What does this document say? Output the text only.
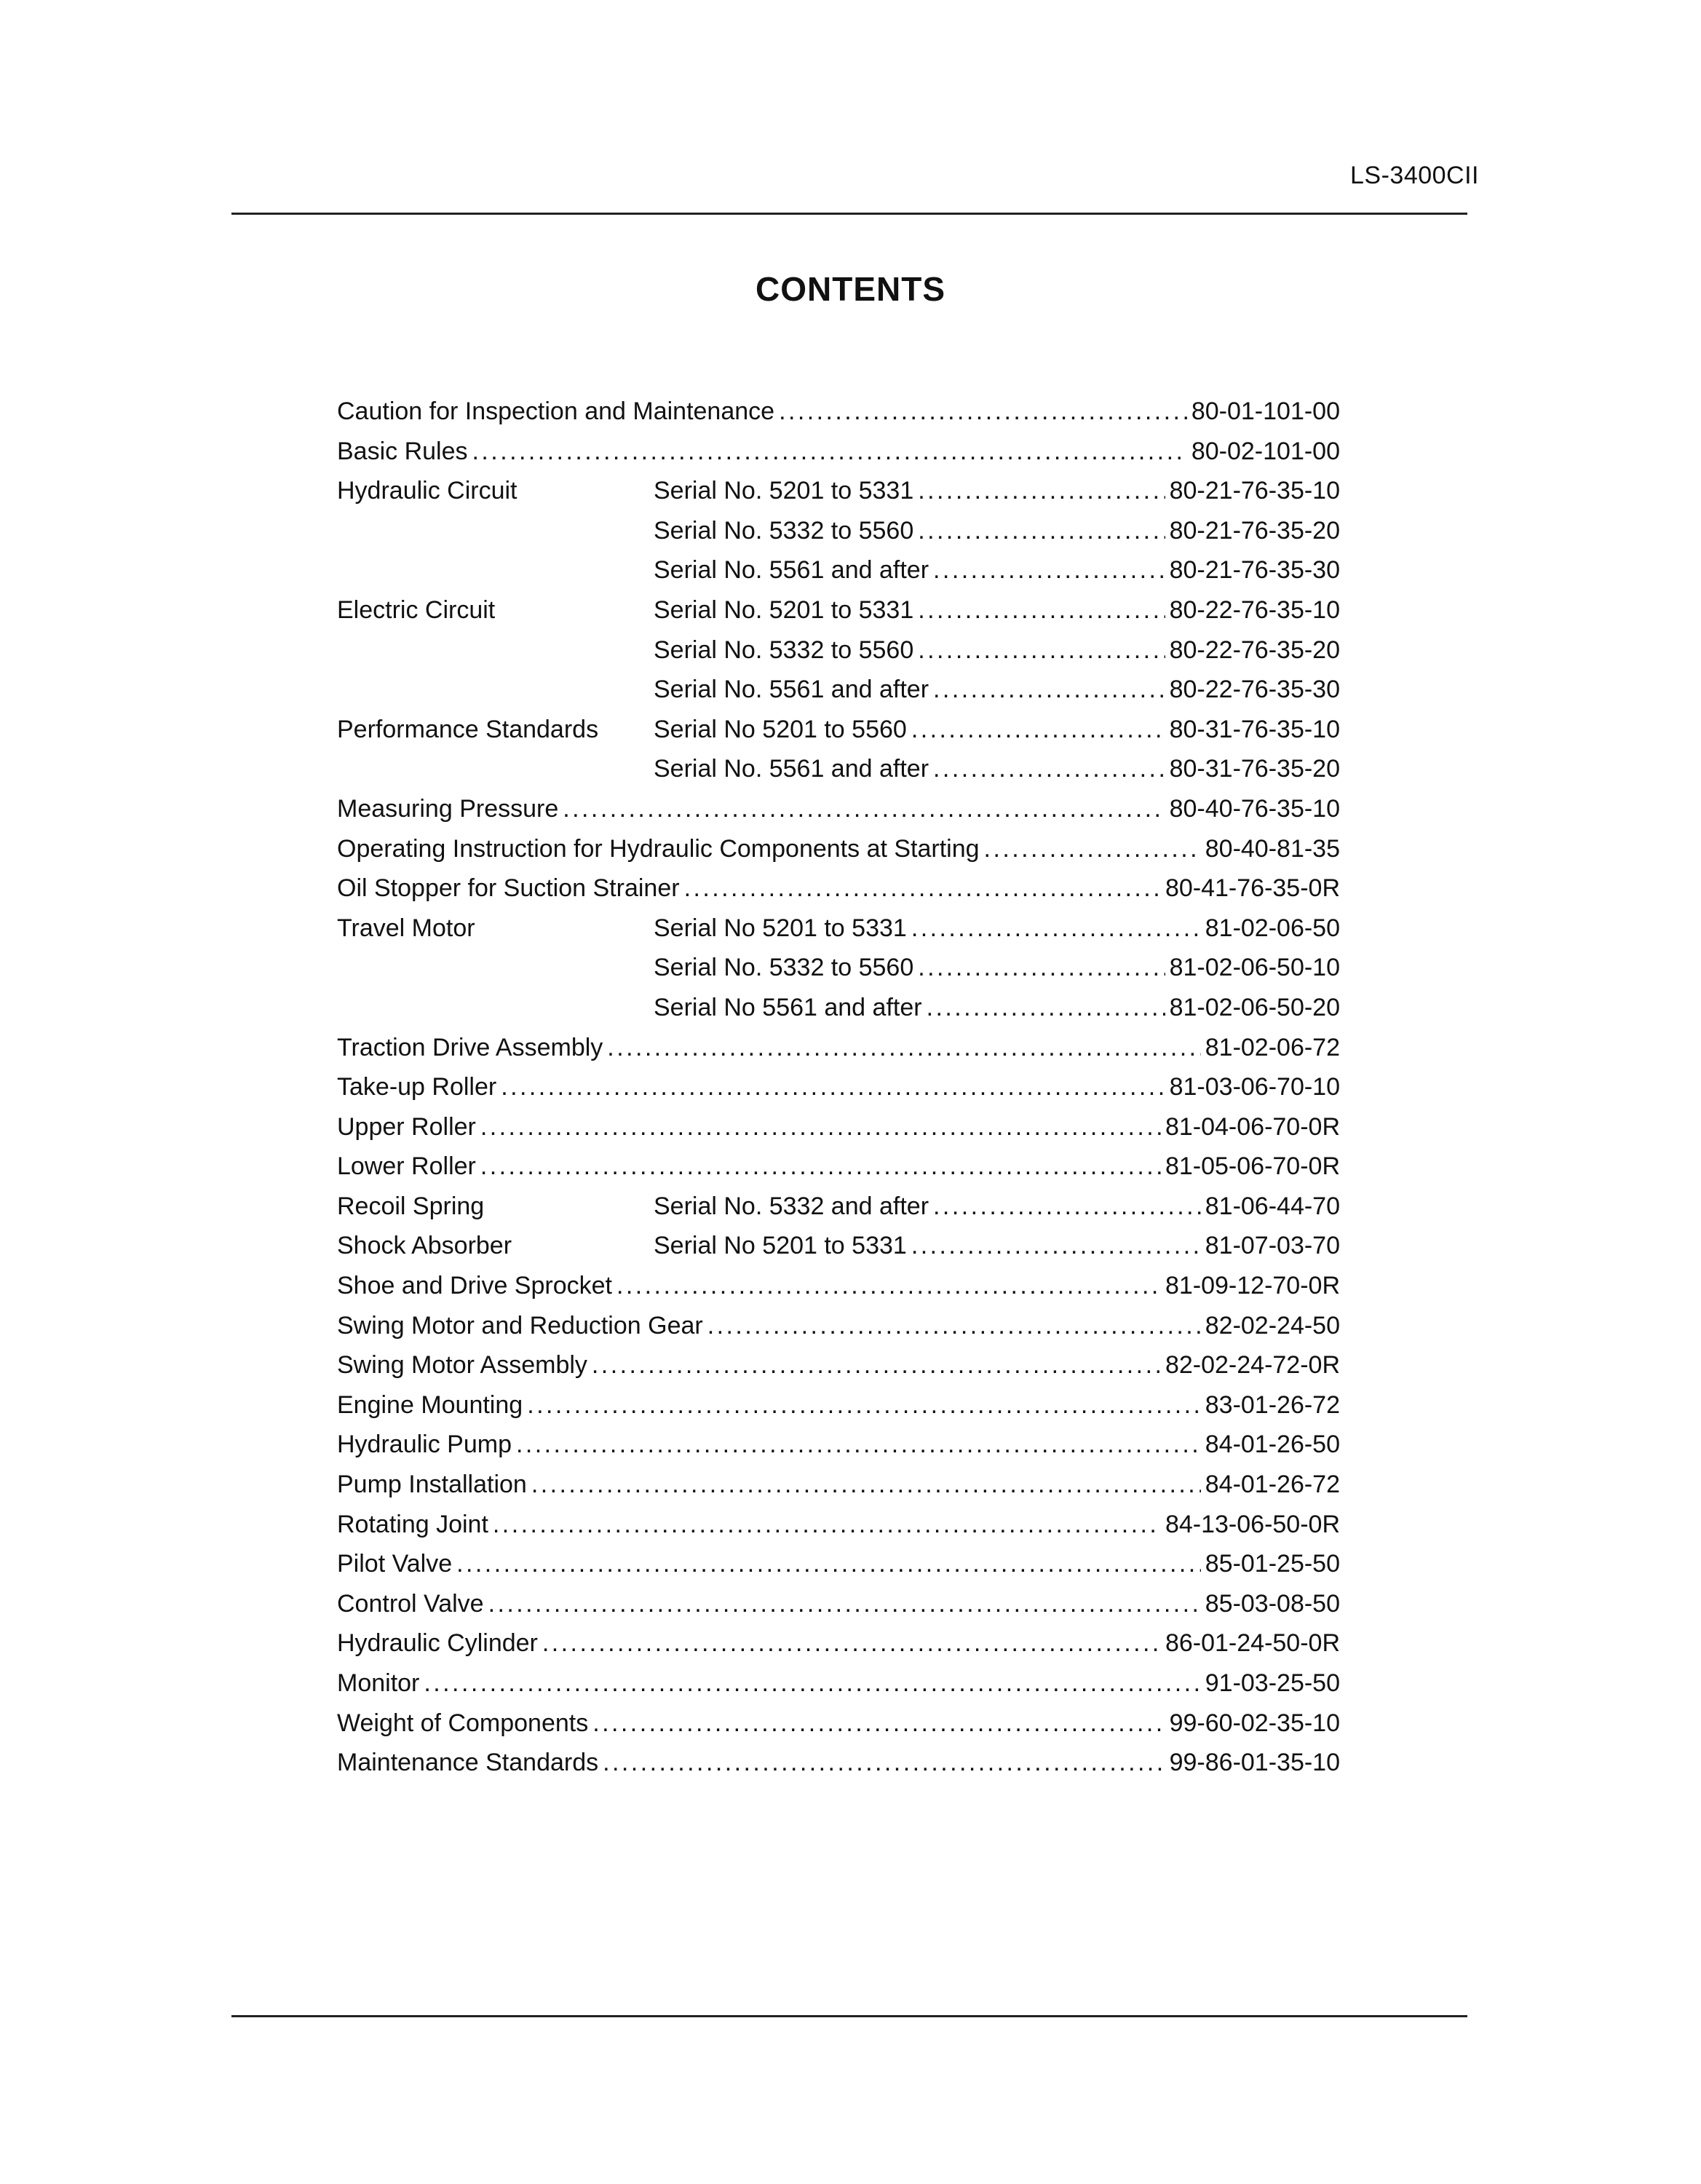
LS-3400CII
CONTENTS
Caution for Inspection and Maintenance . . .	80-01-101-00
Basic Rules . . .	80-02-101-00
Hydraulic Circuit	Serial No. 5201 to 5331 . . .	80-21-76-35-10
Serial No. 5332 to 5560 . . .	80-21-76-35-20
Serial No. 5561 and after . . .	80-21-76-35-30
Electric Circuit	Serial No. 5201 to 5331 . . .	80-22-76-35-10
Serial No. 5332 to 5560 . . .	80-22-76-35-20
Serial No. 5561 and after . . .	80-22-76-35-30
Performance Standards	Serial No 5201 to 5560 . . .	80-31-76-35-10
Serial No. 5561 and after . . .	80-31-76-35-20
Measuring Pressure . . .	80-40-76-35-10
Operating Instruction for Hydraulic Components at Starting . . .	80-40-81-35
Oil Stopper for Suction Strainer . . .	80-41-76-35-0R
Travel Motor	Serial No 5201 to 5331 . . .	81-02-06-50
Serial No. 5332 to 5560 . . .	81-02-06-50-10
Serial No 5561 and after . . .	81-02-06-50-20
Traction Drive Assembly . . .	81-02-06-72
Take-up Roller . . .	81-03-06-70-10
Upper Roller . . .	81-04-06-70-0R
Lower Roller . . .	81-05-06-70-0R
Recoil Spring	Serial No. 5332 and after . . .	81-06-44-70
Shock Absorber	Serial No 5201 to 5331 . . .	81-07-03-70
Shoe and Drive Sprocket . . .	81-09-12-70-0R
Swing Motor and Reduction Gear . . .	82-02-24-50
Swing Motor Assembly . . .	82-02-24-72-0R
Engine Mounting . . .	83-01-26-72
Hydraulic Pump . . .	84-01-26-50
Pump Installation . . .	84-01-26-72
Rotating Joint . . .	84-13-06-50-0R
Pilot Valve . . .	85-01-25-50
Control Valve . . .	85-03-08-50
Hydraulic Cylinder . . .	86-01-24-50-0R
Monitor . . .	91-03-25-50
Weight of Components . . .	99-60-02-35-10
Maintenance Standards . . .	99-86-01-35-10
